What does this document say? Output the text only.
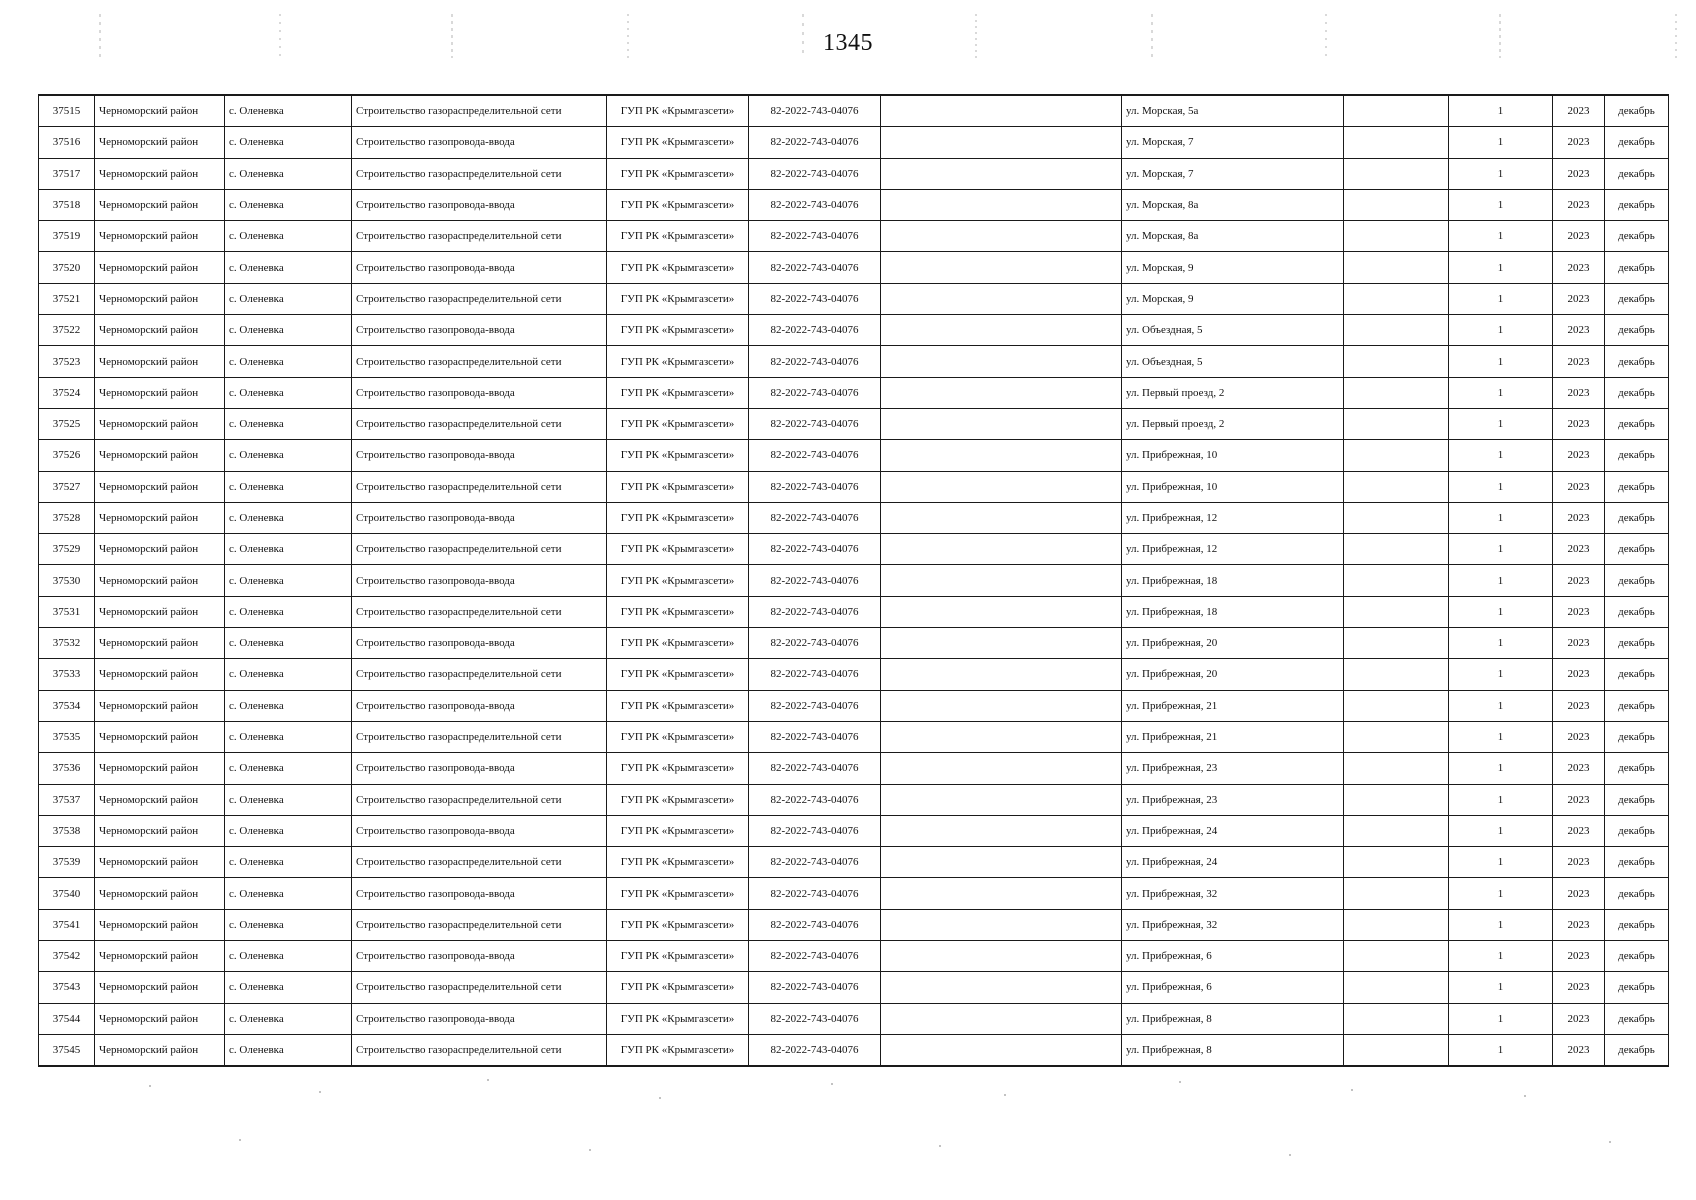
1345
37515	Черноморский район	с. Оленевка	Строительство газораспределительной сети	ГУП РК «Крымгазсети»	82-2022-743-04076		ул. Морская, 5а		1	2023	декабрь
37516	Черноморский район	с. Оленевка	Строительство газопровода-ввода	ГУП РК «Крымгазсети»	82-2022-743-04076		ул. Морская, 7		1	2023	декабрь
37517	Черноморский район	с. Оленевка	Строительство газораспределительной сети	ГУП РК «Крымгазсети»	82-2022-743-04076		ул. Морская, 7		1	2023	декабрь
37518	Черноморский район	с. Оленевка	Строительство газопровода-ввода	ГУП РК «Крымгазсети»	82-2022-743-04076		ул. Морская, 8а		1	2023	декабрь
37519	Черноморский район	с. Оленевка	Строительство газораспределительной сети	ГУП РК «Крымгазсети»	82-2022-743-04076		ул. Морская, 8а		1	2023	декабрь
37520	Черноморский район	с. Оленевка	Строительство газопровода-ввода	ГУП РК «Крымгазсети»	82-2022-743-04076		ул. Морская, 9		1	2023	декабрь
37521	Черноморский район	с. Оленевка	Строительство газораспределительной сети	ГУП РК «Крымгазсети»	82-2022-743-04076		ул. Морская, 9		1	2023	декабрь
37522	Черноморский район	с. Оленевка	Строительство газопровода-ввода	ГУП РК «Крымгазсети»	82-2022-743-04076		ул. Объездная, 5		1	2023	декабрь
37523	Черноморский район	с. Оленевка	Строительство газораспределительной сети	ГУП РК «Крымгазсети»	82-2022-743-04076		ул. Объездная, 5		1	2023	декабрь
37524	Черноморский район	с. Оленевка	Строительство газопровода-ввода	ГУП РК «Крымгазсети»	82-2022-743-04076		ул. Первый проезд, 2		1	2023	декабрь
37525	Черноморский район	с. Оленевка	Строительство газораспределительной сети	ГУП РК «Крымгазсети»	82-2022-743-04076		ул. Первый проезд, 2		1	2023	декабрь
37526	Черноморский район	с. Оленевка	Строительство газопровода-ввода	ГУП РК «Крымгазсети»	82-2022-743-04076		ул. Прибрежная, 10		1	2023	декабрь
37527	Черноморский район	с. Оленевка	Строительство газораспределительной сети	ГУП РК «Крымгазсети»	82-2022-743-04076		ул. Прибрежная, 10		1	2023	декабрь
37528	Черноморский район	с. Оленевка	Строительство газопровода-ввода	ГУП РК «Крымгазсети»	82-2022-743-04076		ул. Прибрежная, 12		1	2023	декабрь
37529	Черноморский район	с. Оленевка	Строительство газораспределительной сети	ГУП РК «Крымгазсети»	82-2022-743-04076		ул. Прибрежная, 12		1	2023	декабрь
37530	Черноморский район	с. Оленевка	Строительство газопровода-ввода	ГУП РК «Крымгазсети»	82-2022-743-04076		ул. Прибрежная, 18		1	2023	декабрь
37531	Черноморский район	с. Оленевка	Строительство газораспределительной сети	ГУП РК «Крымгазсети»	82-2022-743-04076		ул. Прибрежная, 18		1	2023	декабрь
37532	Черноморский район	с. Оленевка	Строительство газопровода-ввода	ГУП РК «Крымгазсети»	82-2022-743-04076		ул. Прибрежная, 20		1	2023	декабрь
37533	Черноморский район	с. Оленевка	Строительство газораспределительной сети	ГУП РК «Крымгазсети»	82-2022-743-04076		ул. Прибрежная, 20		1	2023	декабрь
37534	Черноморский район	с. Оленевка	Строительство газопровода-ввода	ГУП РК «Крымгазсети»	82-2022-743-04076		ул. Прибрежная, 21		1	2023	декабрь
37535	Черноморский район	с. Оленевка	Строительство газораспределительной сети	ГУП РК «Крымгазсети»	82-2022-743-04076		ул. Прибрежная, 21		1	2023	декабрь
37536	Черноморский район	с. Оленевка	Строительство газопровода-ввода	ГУП РК «Крымгазсети»	82-2022-743-04076		ул. Прибрежная, 23		1	2023	декабрь
37537	Черноморский район	с. Оленевка	Строительство газораспределительной сети	ГУП РК «Крымгазсети»	82-2022-743-04076		ул. Прибрежная, 23		1	2023	декабрь
37538	Черноморский район	с. Оленевка	Строительство газопровода-ввода	ГУП РК «Крымгазсети»	82-2022-743-04076		ул. Прибрежная, 24		1	2023	декабрь
37539	Черноморский район	с. Оленевка	Строительство газораспределительной сети	ГУП РК «Крымгазсети»	82-2022-743-04076		ул. Прибрежная, 24		1	2023	декабрь
37540	Черноморский район	с. Оленевка	Строительство газопровода-ввода	ГУП РК «Крымгазсети»	82-2022-743-04076		ул. Прибрежная, 32		1	2023	декабрь
37541	Черноморский район	с. Оленевка	Строительство газораспределительной сети	ГУП РК «Крымгазсети»	82-2022-743-04076		ул. Прибрежная, 32		1	2023	декабрь
37542	Черноморский район	с. Оленевка	Строительство газопровода-ввода	ГУП РК «Крымгазсети»	82-2022-743-04076		ул. Прибрежная, 6		1	2023	декабрь
37543	Черноморский район	с. Оленевка	Строительство газораспределительной сети	ГУП РК «Крымгазсети»	82-2022-743-04076		ул. Прибрежная, 6		1	2023	декабрь
37544	Черноморский район	с. Оленевка	Строительство газопровода-ввода	ГУП РК «Крымгазсети»	82-2022-743-04076		ул. Прибрежная, 8		1	2023	декабрь
37545	Черноморский район	с. Оленевка	Строительство газораспределительной сети	ГУП РК «Крымгазсети»	82-2022-743-04076		ул. Прибрежная, 8		1	2023	декабрь
